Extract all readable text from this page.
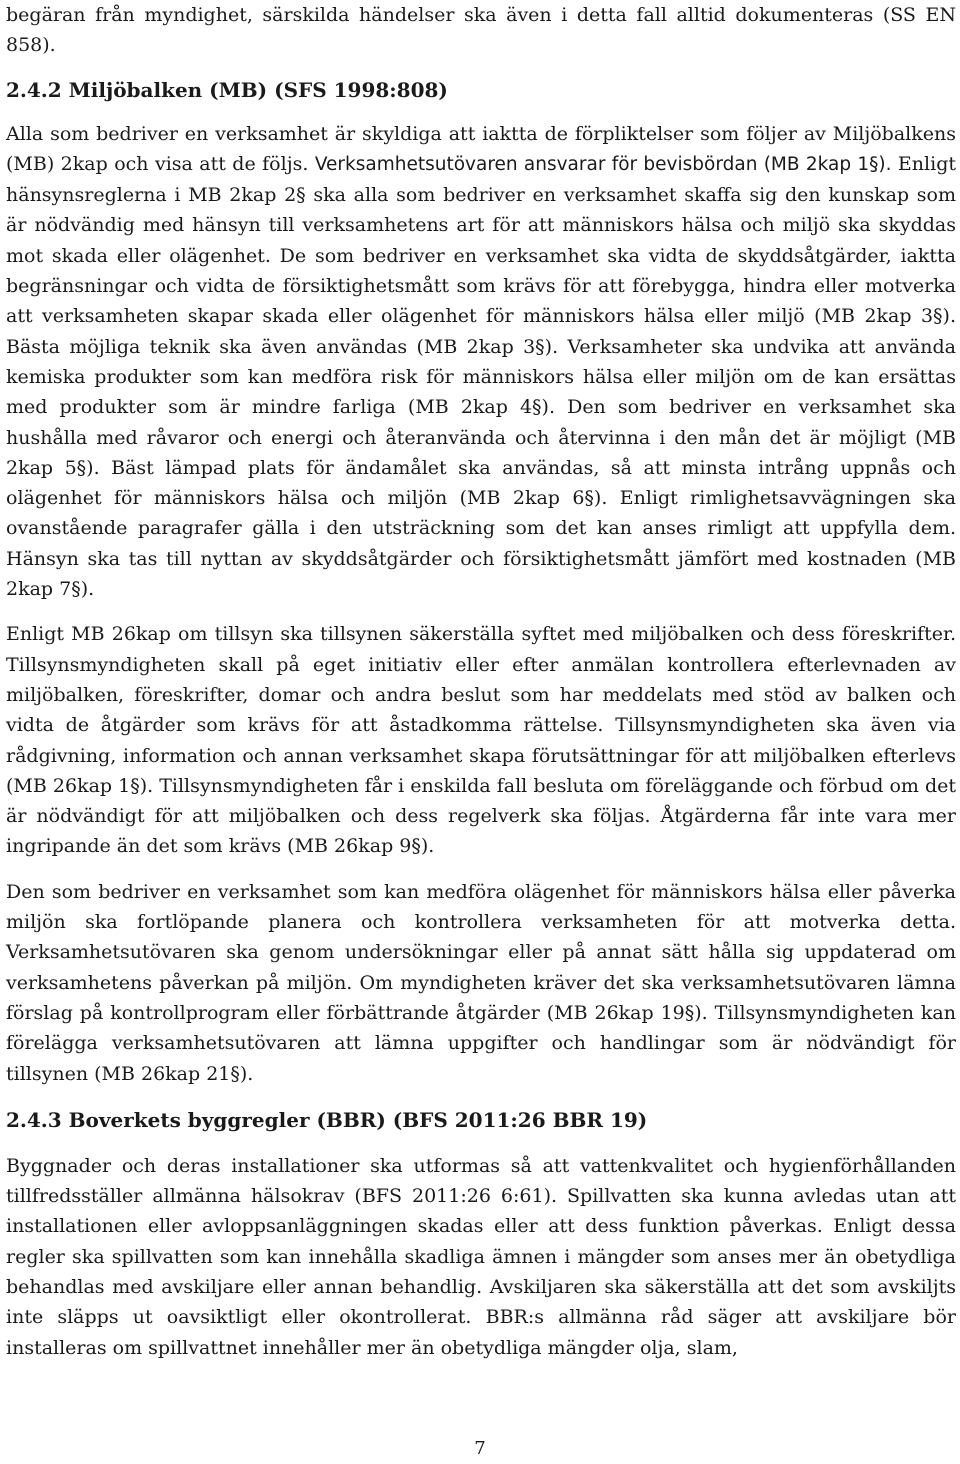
begäran från myndighet, särskilda händelser ska även i detta fall alltid dokumenteras (SS EN 858).

2.4.2 Miljöbalken (MB) (SFS 1998:808)

Alla som bedriver en verksamhet är skyldiga att iaktta de förpliktelser som följer av Miljöbalkens (MB) 2kap och visa att de följs. Verksamhetsutövaren ansvarar för bevisbördan (MB 2kap 1§). Enligt hänsynsreglerna i MB 2kap 2§ ska alla som bedriver en verksamhet skaffa sig den kunskap som är nödvändig med hänsyn till verksamhetens art för att människors hälsa och miljö ska skyddas mot skada eller olägenhet. De som bedriver en verksamhet ska vidta de skyddsåtgärder, iaktta begränsningar och vidta de försiktighetsmått som krävs för att förebygga, hindra eller motverka att verksamheten skapar skada eller olägenhet för människors hälsa eller miljö (MB 2kap 3§). Bästa möjliga teknik ska även användas (MB 2kap 3§). Verksamheter ska undvika att använda kemiska produkter som kan medföra risk för människors hälsa eller miljön om de kan ersättas med produkter som är mindre farliga (MB 2kap 4§). Den som bedriver en verksamhet ska hushålla med råvaror och energi och återanvända och återvinna i den mån det är möjligt (MB 2kap 5§). Bäst lämpad plats för ändamålet ska användas, så att minsta intrång uppnås och olägenhet för människors hälsa och miljön (MB 2kap 6§). Enligt rimlighetsavvägningen ska ovanstående paragrafer gälla i den utsträckning som det kan anses rimligt att uppfylla dem. Hänsyn ska tas till nyttan av skyddsåtgärder och försiktighetsmått jämfört med kostnaden (MB 2kap 7§).

Enligt MB 26kap om tillsyn ska tillsynen säkerställa syftet med miljöbalken och dess föreskrifter. Tillsynsmyndigheten skall på eget initiativ eller efter anmälan kontrollera efterlevnaden av miljöbalken, föreskrifter, domar och andra beslut som har meddelats med stöd av balken och vidta de åtgärder som krävs för att åstadkomma rättelse. Tillsynsmyndigheten ska även via rådgivning, information och annan verksamhet skapa förutsättningar för att miljöbalken efterlevs (MB 26kap 1§). Tillsynsmyndigheten får i enskilda fall besluta om föreläggande och förbud om det är nödvändigt för att miljöbalken och dess regelverk ska följas. Åtgärderna får inte vara mer ingripande än det som krävs (MB 26kap 9§).

Den som bedriver en verksamhet som kan medföra olägenhet för människors hälsa eller påverka miljön ska fortlöpande planera och kontrollera verksamheten för att motverka detta. Verksamhetsutövaren ska genom undersökningar eller på annat sätt hålla sig uppdaterad om verksamhetens påverkan på miljön. Om myndigheten kräver det ska verksamhetsutövaren lämna förslag på kontrollprogram eller förbättrande åtgärder (MB 26kap 19§). Tillsynsmyndigheten kan förelägga verksamhetsutövaren att lämna uppgifter och handlingar som är nödvändigt för tillsynen (MB 26kap 21§).

2.4.3 Boverkets byggregler (BBR) (BFS 2011:26 BBR 19)

Byggnader och deras installationer ska utformas så att vattenkvalitet och hygienförhållanden tillfredsställer allmänna hälsokrav (BFS 2011:26 6:61). Spillvatten ska kunna avledas utan att installationen eller avloppsanläggningen skadas eller att dess funktion påverkas. Enligt dessa regler ska spillvatten som kan innehålla skadliga ämnen i mängder som anses mer än obetydliga behandlas med avskiljare eller annan behandlig. Avskiljaren ska säkerställa att det som avskiljts inte släpps ut oavsiktligt eller okontrollerat. BBR:s allmänna råd säger att avskiljare bör installeras om spillvattnet innehåller mer än obetydliga mängder olja, slam,

7
